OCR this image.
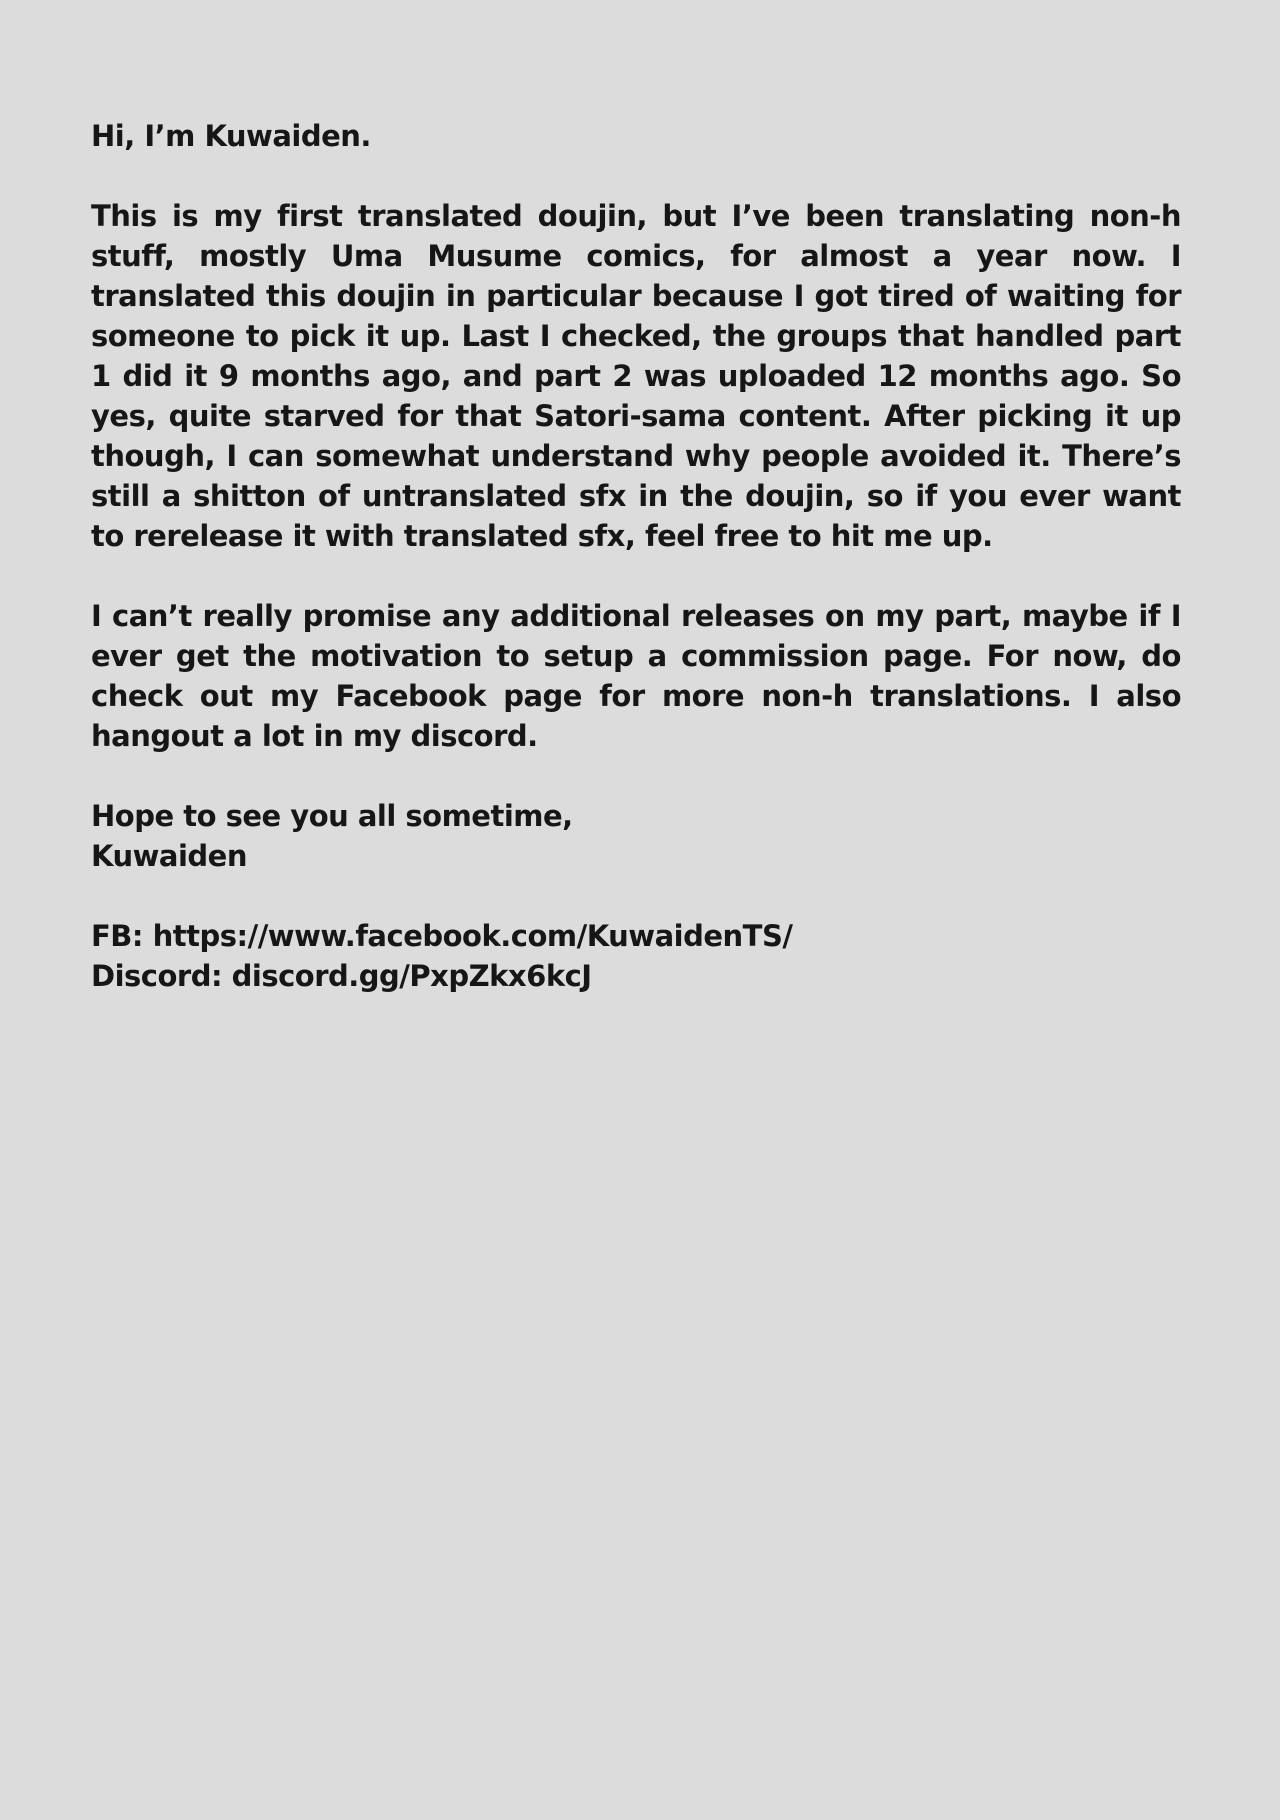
Hi, I’m Kuwaiden.

This is my first translated doujin, but I’ve been translating non-h stuff, mostly Uma Musume comics, for almost a year now. I translated this doujin in particular because I got tired of waiting for someone to pick it up. Last I checked, the groups that handled part 1 did it 9 months ago, and part 2 was uploaded 12 months ago. So yes, quite starved for that Satori-sama content. After picking it up though, I can somewhat understand why people avoided it. There’s still a shitton of untranslated sfx in the doujin, so if you ever want to rerelease it with translated sfx, feel free to hit me up.

I can’t really promise any additional releases on my part, maybe if I ever get the motivation to setup a commission page. For now, do check out my Facebook page for more non-h translations. I also hangout a lot in my discord.

Hope to see you all sometime,
Kuwaiden
FB: https://www.facebook.com/KuwaidenTS/
Discord: discord.gg/PxpZkx6kcJ
